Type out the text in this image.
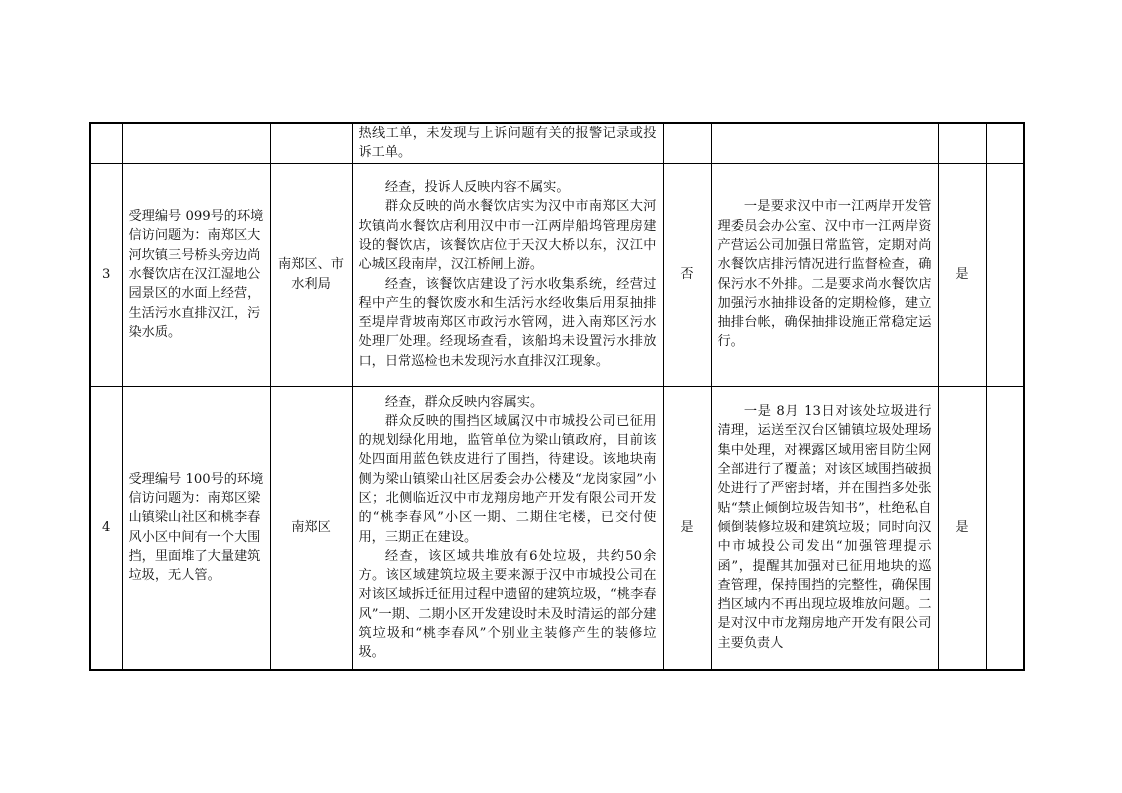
			热线工单，未发现与上诉问题有关的报警记录或投诉工单。				

3	受理编号 099号的环境信访问题为：南郑区大河坎镇三号桥头旁边尚水餐饮店在汉江湿地公园景区的水面上经营，生活污水直排汉江，污染水质。	南郑区、市水利局	经查，投诉人反映内容不属实。

群众反映的尚水餐饮店实为汉中市南郑区大河坎镇尚水餐饮店利用汉中市一江两岸船坞管理房建设的餐饮店，该餐饮店位于天汉大桥以东，汉江中心城区段南岸，汉江桥闸上游。

经查，该餐饮店建设了污水收集系统，经营过程中产生的餐饮废水和生活污水经收集后用泵抽排至堤岸背坡南郑区市政污水管网，进入南郑区污水处理厂处理。经现场查看，该船坞未设置污水排放口，日常巡检也未发现污水直排汉江现象。	否	一是要求汉中市一江两岸开发管理委员会办公室、汉中市一江两岸资产营运公司加强日常监管，定期对尚水餐饮店排污情况进行监督检查，确保污水不外排。二是要求尚水餐饮店加强污水抽排设备的定期检修，建立抽排台帐，确保抽排设施正常稳定运行。	是	
4	受理编号 100号的环境信访问题为：南郑区梁山镇梁山社区和桃李春风小区中间有一个大围挡，里面堆了大量建筑垃圾，无人管。	南郑区	经查，群众反映内容属实。

群众反映的围挡区域属汉中市城投公司已征用的规划绿化用地，监管单位为梁山镇政府，目前该处四面用蓝色铁皮进行了围挡，待建设。该地块南侧为梁山镇梁山社区居委会办公楼及“龙岗家园”小区；北侧临近汉中市龙翔房地产开发有限公司开发的“桃李春风”小区一期、二期住宅楼，已交付使用，三期正在建设。

经查，该区域共堆放有6处垃圾，共约50余方。该区域建筑垃圾主要来源于汉中市城投公司在对该区域拆迁征用过程中遗留的建筑垃圾，“桃李春风”一期、二期小区开发建设时未及时清运的部分建筑垃圾和“桃李春风”个别业主装修产生的装修垃圾。	是	一是 8月 13日对该处垃圾进行清理，运送至汉台区铺镇垃圾处理场集中处理，对裸露区域用密目防尘网全部进行了覆盖；对该区域围挡破损处进行了严密封堵，并在围挡多处张贴“禁止倾倒垃圾告知书”，杜绝私自倾倒装修垃圾和建筑垃圾；同时向汉中市城投公司发出“加强管理提示函”，提醒其加强对已征用地块的巡查管理，保持围挡的完整性，确保围挡区域内不再出现垃圾堆放问题。二是对汉中市龙翔房地产开发有限公司主要负责人	是	
